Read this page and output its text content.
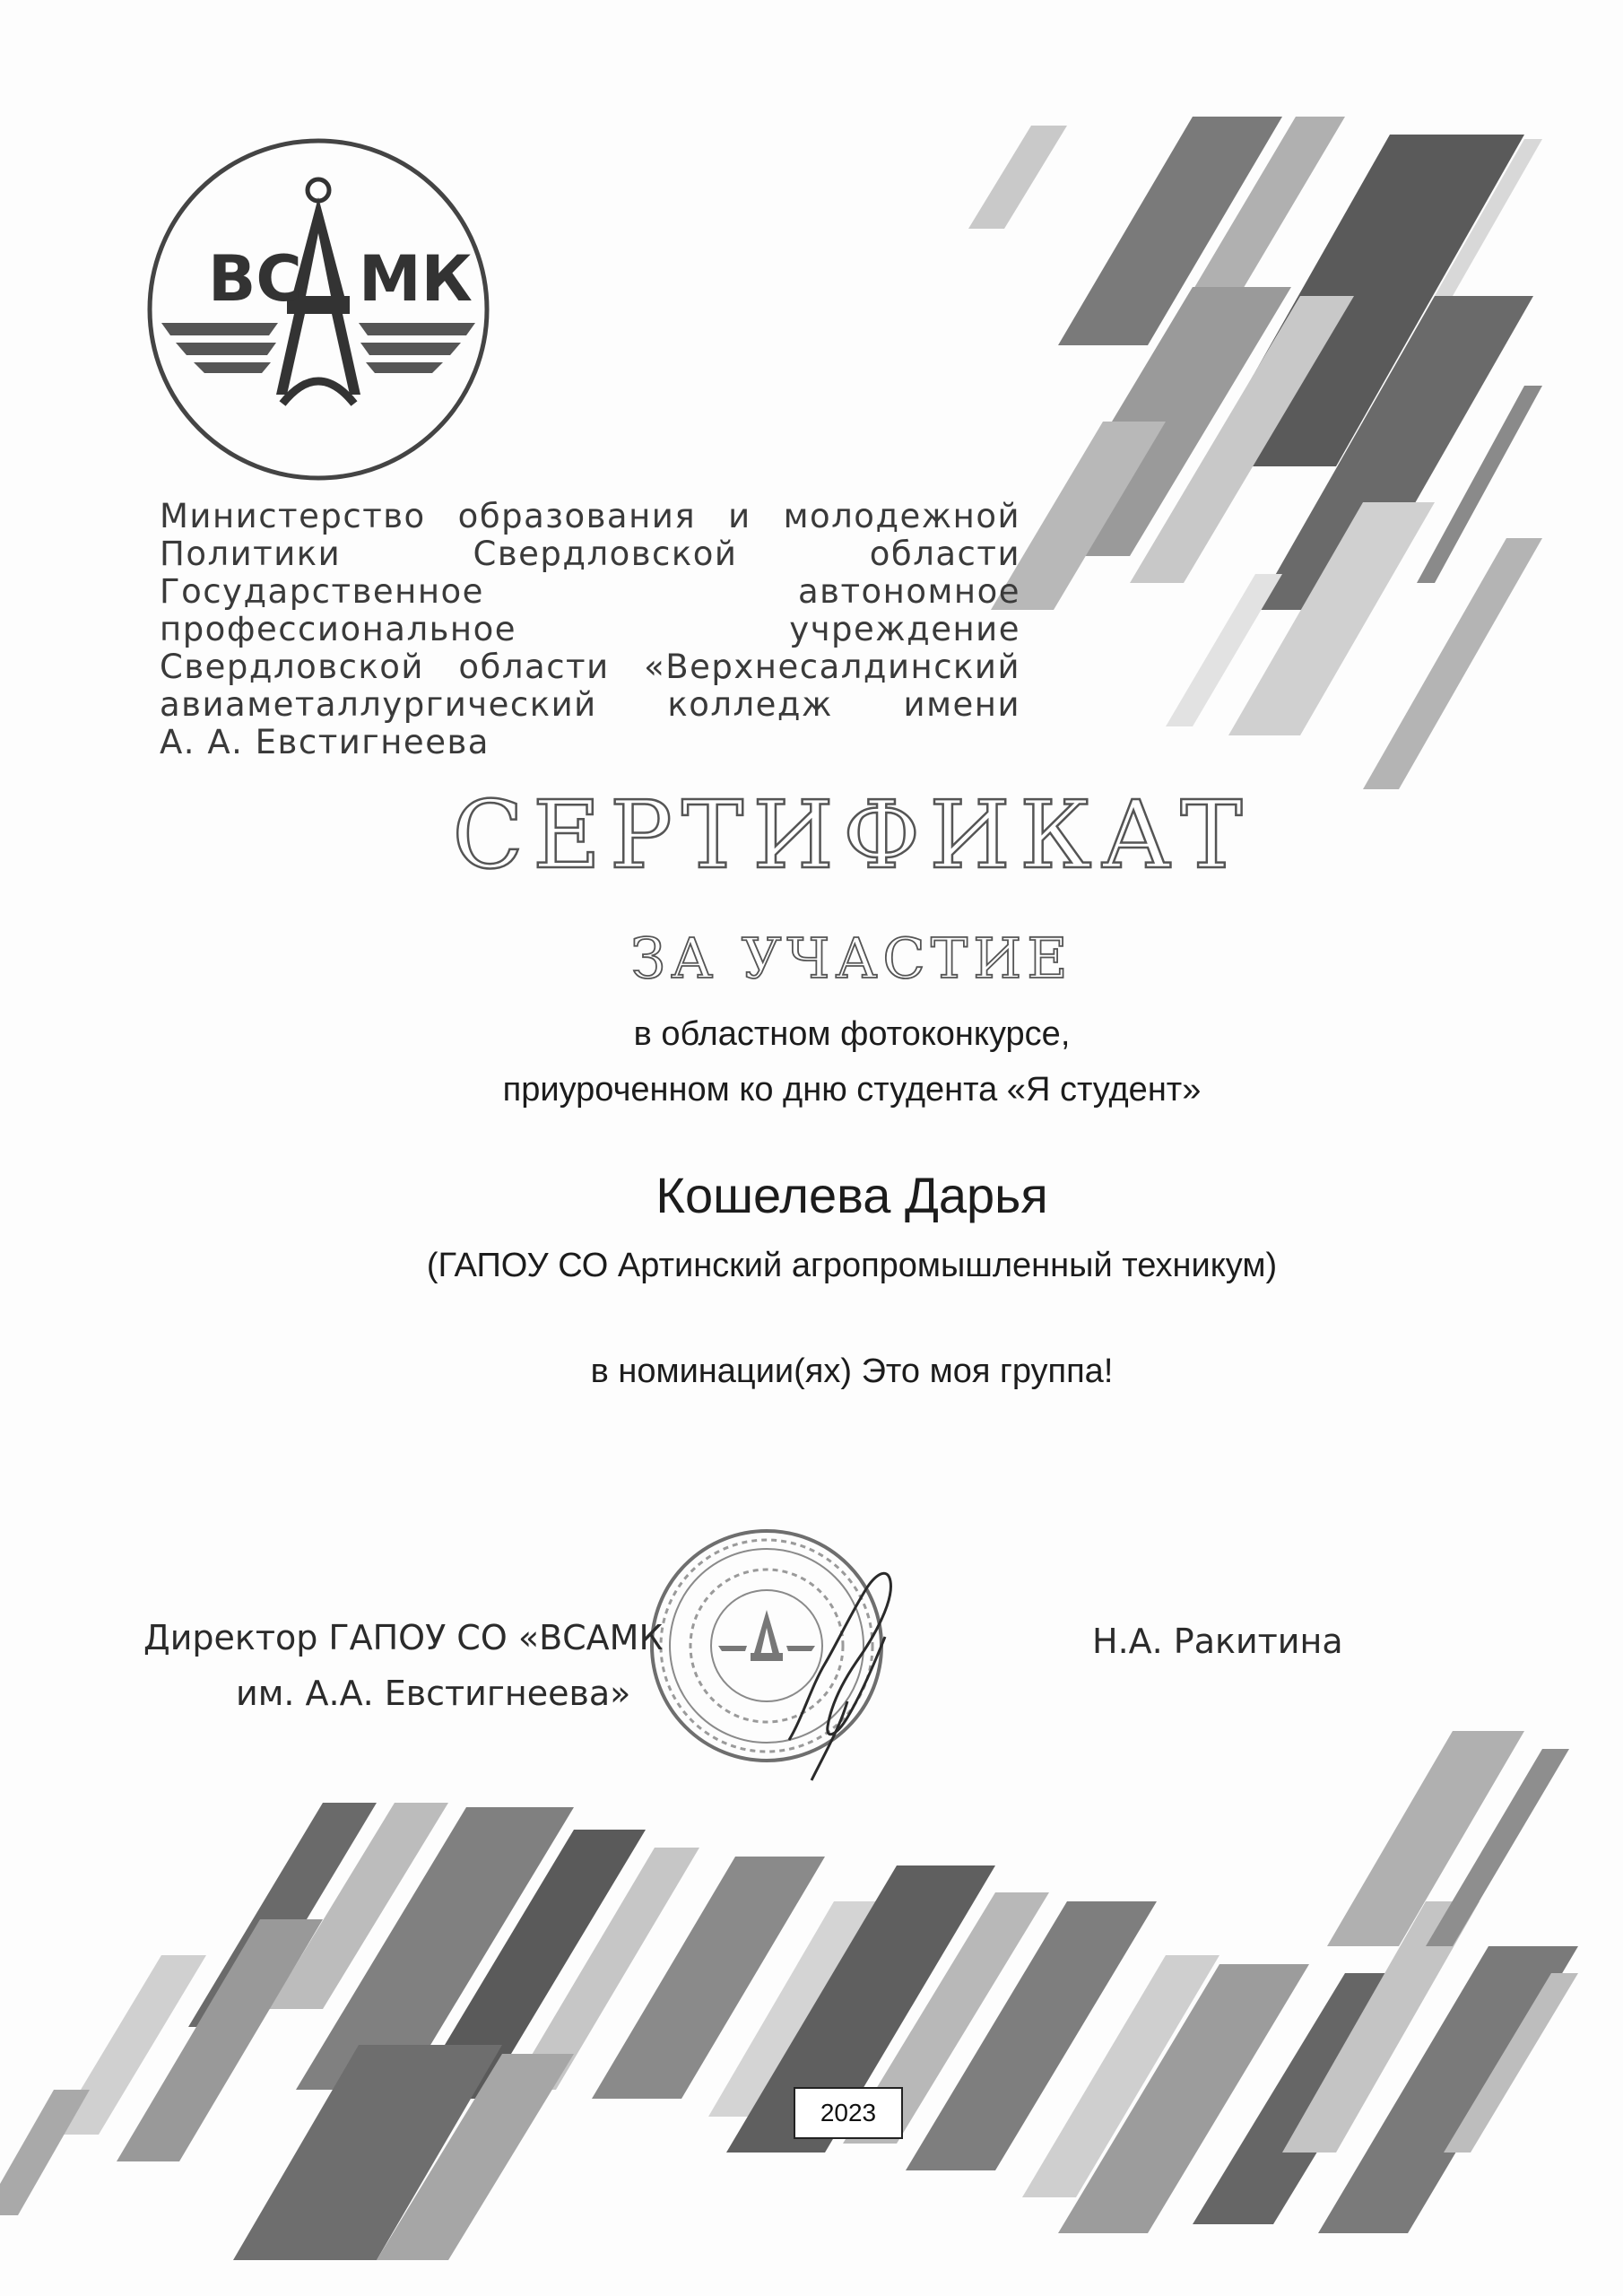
ВС МК
Министерство образования и молодежной
Политики Свердловской области
Государственное автономное
профессиональное учреждение
Свердловской области «Верхнесалдинский
авиаметаллургический колледж имени
А. А. Евстигнеева
СЕРТИФИКАТ
ЗА УЧАСТИЕ
в областном фотоконкурсе,
приуроченном ко дню студента «Я студент»
Кошелева Дарья
(ГАПОУ СО Артинский агропромышленный техникум)
в номинации(ях) Это моя группа!
Директор ГАПОУ СО «ВСАМК
им. А.А. Евстигнеева»
Н.А. Ракитина
2023
